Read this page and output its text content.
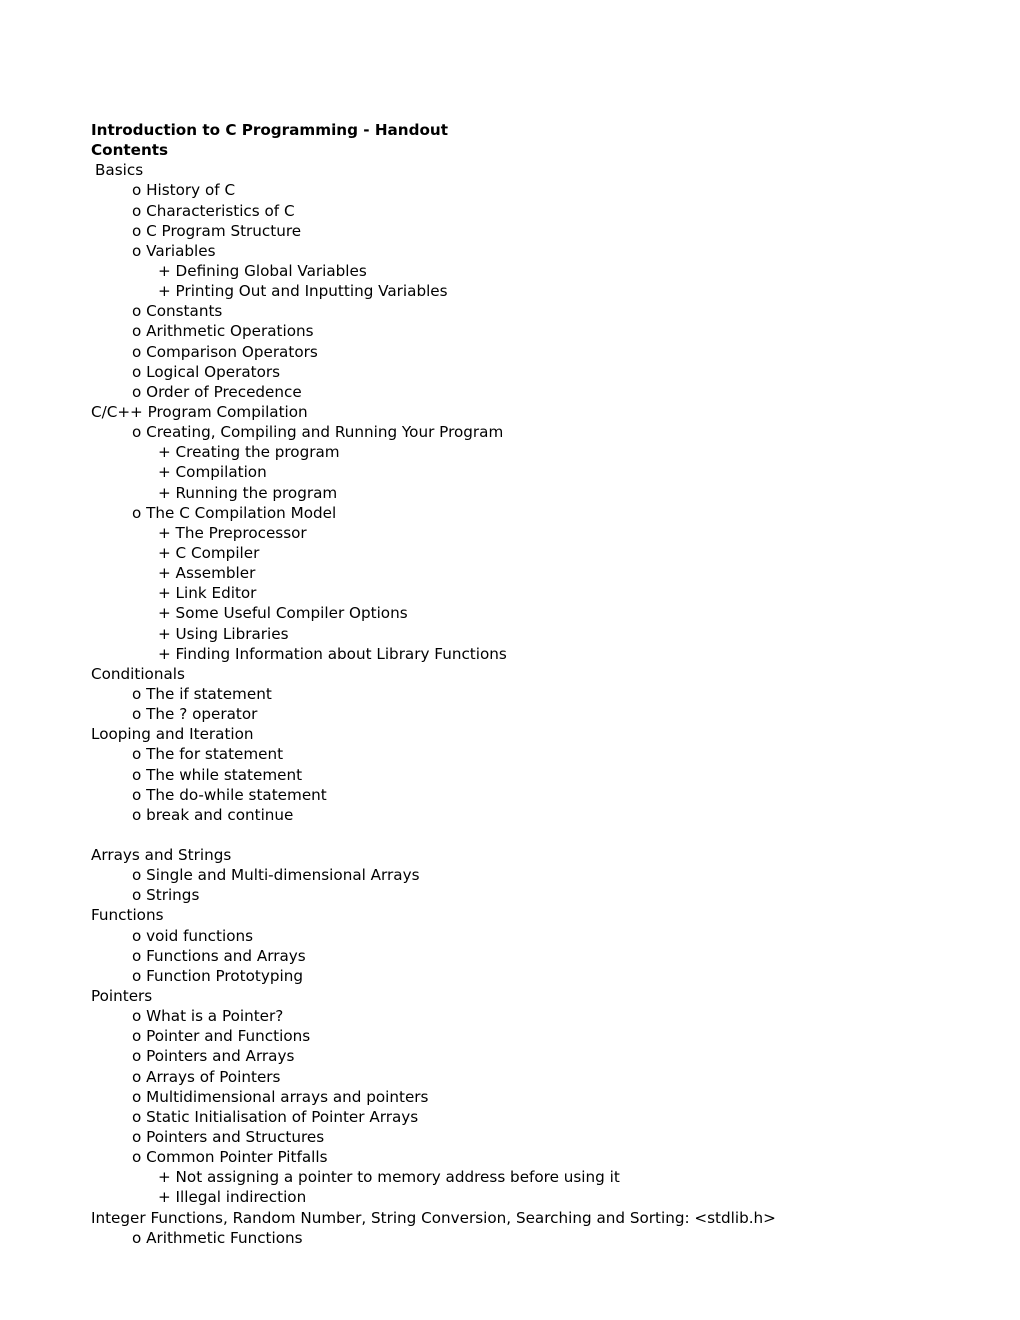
Introduction to C Programming - Handout
Contents
Basics
o History of C
o Characteristics of C
o C Program Structure
o Variables
+ Defining Global Variables
+ Printing Out and Inputting Variables
o Constants
o Arithmetic Operations
o Comparison Operators
o Logical Operators
o Order of Precedence
C/C++ Program Compilation
o Creating, Compiling and Running Your Program
+ Creating the program
+ Compilation
+ Running the program
o The C Compilation Model
+ The Preprocessor
+ C Compiler
+ Assembler
+ Link Editor
+ Some Useful Compiler Options
+ Using Libraries
+ Finding Information about Library Functions
Conditionals
o The if statement
o The ? operator
Looping and Iteration
o The for statement
o The while statement
o The do-while statement
o break and continue
Arrays and Strings
o Single and Multi-dimensional Arrays
o Strings
Functions
o void functions
o Functions and Arrays
o Function Prototyping
Pointers
o What is a Pointer?
o Pointer and Functions
o Pointers and Arrays
o Arrays of Pointers
o Multidimensional arrays and pointers
o Static Initialisation of Pointer Arrays
o Pointers and Structures
o Common Pointer Pitfalls
+ Not assigning a pointer to memory address before using it
+ Illegal indirection
Integer Functions, Random Number, String Conversion, Searching and Sorting: <stdlib.h>
o Arithmetic Functions
